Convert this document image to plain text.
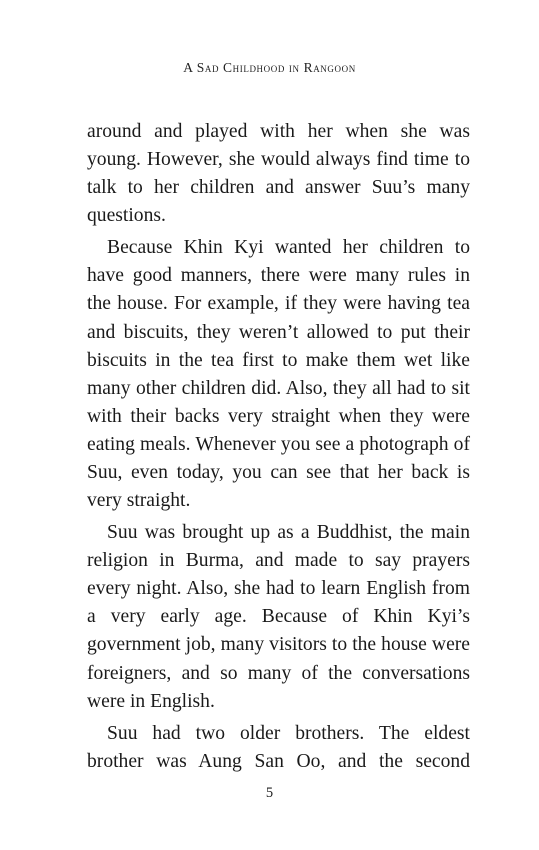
A Sad Childhood in Rangoon

around and played with her when she was young. However, she would always find time to talk to her children and answer Suu’s many questions.

Because Khin Kyi wanted her children to have good manners, there were many rules in the house. For example, if they were having tea and biscuits, they weren’t allowed to put their biscuits in the tea first to make them wet like many other children did. Also, they all had to sit with their backs very straight when they were eating meals. Whenever you see a photograph of Suu, even today, you can see that her back is very straight.

Suu was brought up as a Buddhist, the main religion in Burma, and made to say prayers every night. Also, she had to learn English from a very early age. Because of Khin Kyi’s government job, many visitors to the house were foreigners, and so many of the conversations were in English.

Suu had two older brothers. The eldest brother was Aung San Oo, and the second

5
